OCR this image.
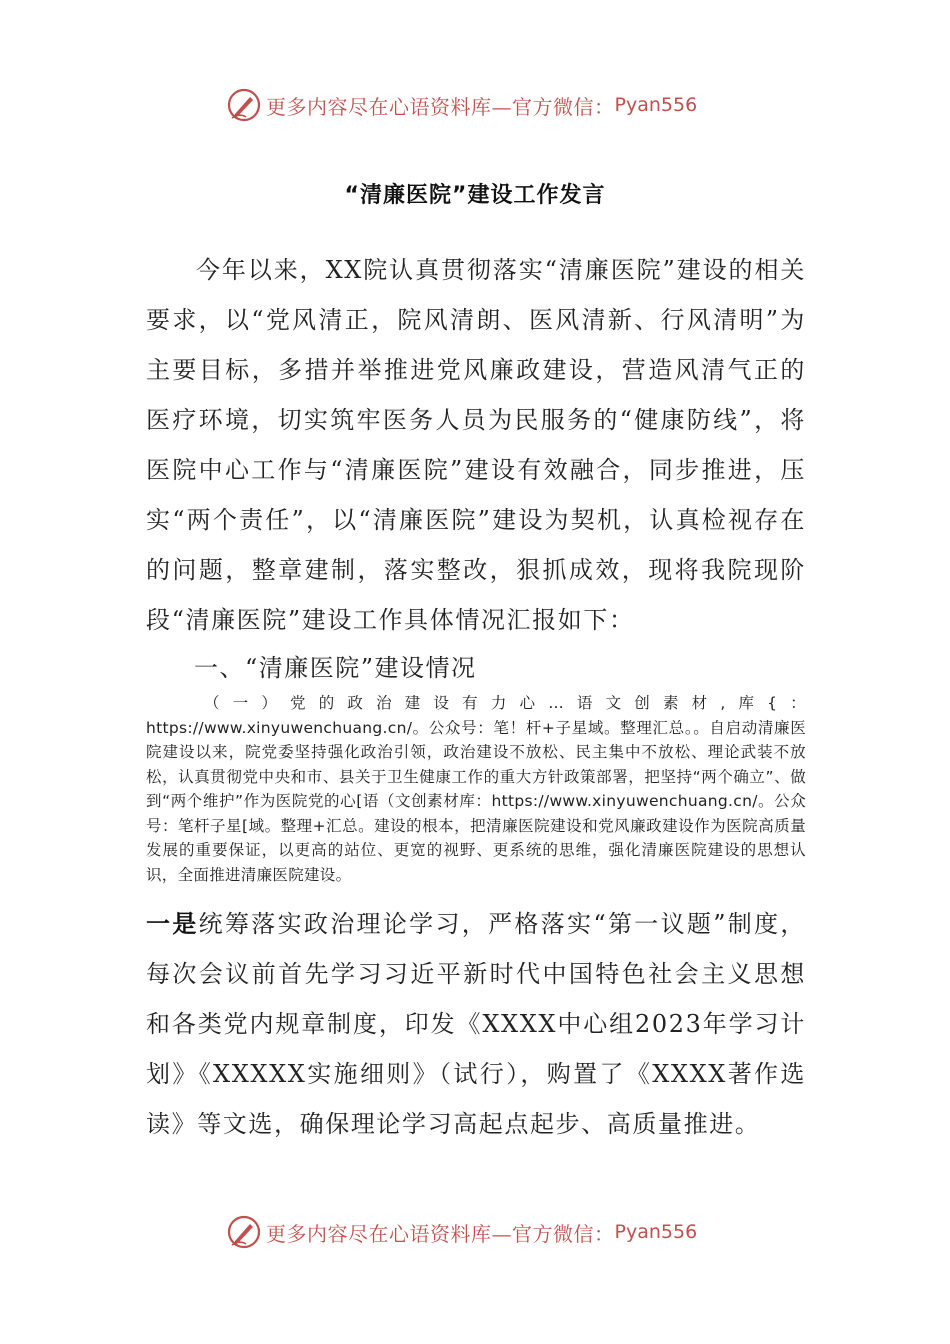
更多内容尽在心语资料库—官方微信： Pyan556
“清廉医院”建设工作发言

今年以来，XX院认真贯彻落实“清廉医院”建设的相关要求，以“党风清正，院风清朗、医风清新、行风清明”为主要目标，多措并举推进党风廉政建设，营造风清气正的医疗环境，切实筑牢医务人员为民服务的“健康防线”，将医院中心工作与“清廉医院”建设有效融合，同步推进，压实“两个责任”，以“清廉医院”建设为契机，认真检视存在的问题，整章建制，落实整改，狠抓成效，现将我院现阶段“清廉医院”建设工作具体情况汇报如下：

一、“清廉医院”建设情况

（一）党的政治建设有力心…语文创素材,库{：https://www.xinyuwenchuang.cn/。公众号：笔！杆+子星域。整理汇总。。自启动清廉医院建设以来，院党委坚持强化政治引领，政治建设不放松、民主集中不放松、理论武装不放松，认真贯彻党中央和市、县关于卫生健康工作的重大方针政策部署，把坚持“两个确立”、做到“两个维护”作为医院党的心[语（文创素材库：https://www.xinyuwenchuang.cn/。公众号：笔杆子星[域。整理+汇总。建设的根本，把清廉医院建设和党风廉政建设作为医院高质量发展的重要保证，以更高的站位、更宽的视野、更系统的思维，强化清廉医院建设的思想认识，全面推进清廉医院建设。

一是统筹落实政治理论学习，严格落实“第一议题”制度，每次会议前首先学习习近平新时代中国特色社会主义思想和各类党内规章制度，印发《XXXX中心组2023年学习计划》《XXXXX实施细则》（试行），购置了《XXXX著作选读》等文选，确保理论学习高起点起步、高质量推进。

更多内容尽在心语资料库—官方微信： Pyan556
